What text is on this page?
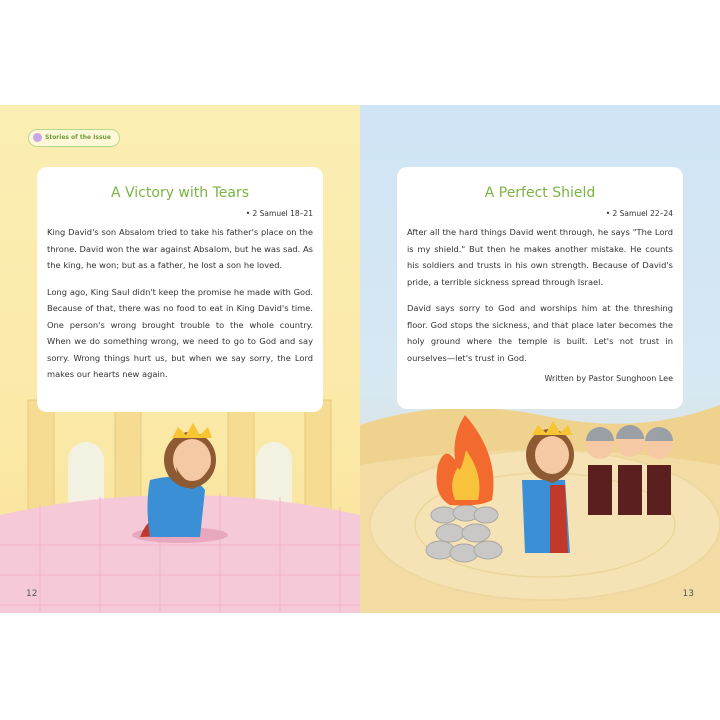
Stories of the Issue
A Victory with Tears
• 2 Samuel 18–21

King David's son Absalom tried to take his father's place on the throne. David won the war against Absalom, but he was sad. As the king, he won; but as a father, he lost a son he loved.

Long ago, King Saul didn't keep the promise he made with God. Because of that, there was no food to eat in King David's time. One person's wrong brought trouble to the whole country. When we do something wrong, we need to go to God and say sorry. Wrong things hurt us, but when we say sorry, the Lord makes our hearts new again.

12
A Perfect Shield
• 2 Samuel 22–24

After all the hard things David went through, he says "The Lord is my shield." But then he makes another mistake. He counts his soldiers and trusts in his own strength. Because of David's pride, a terrible sickness spread through Israel.

David says sorry to God and worships him at the threshing floor. God stops the sickness, and that place later becomes the holy ground where the temple is built. Let's not trust in ourselves—let's trust in God.

Written by Pastor Sunghoon Lee
13
